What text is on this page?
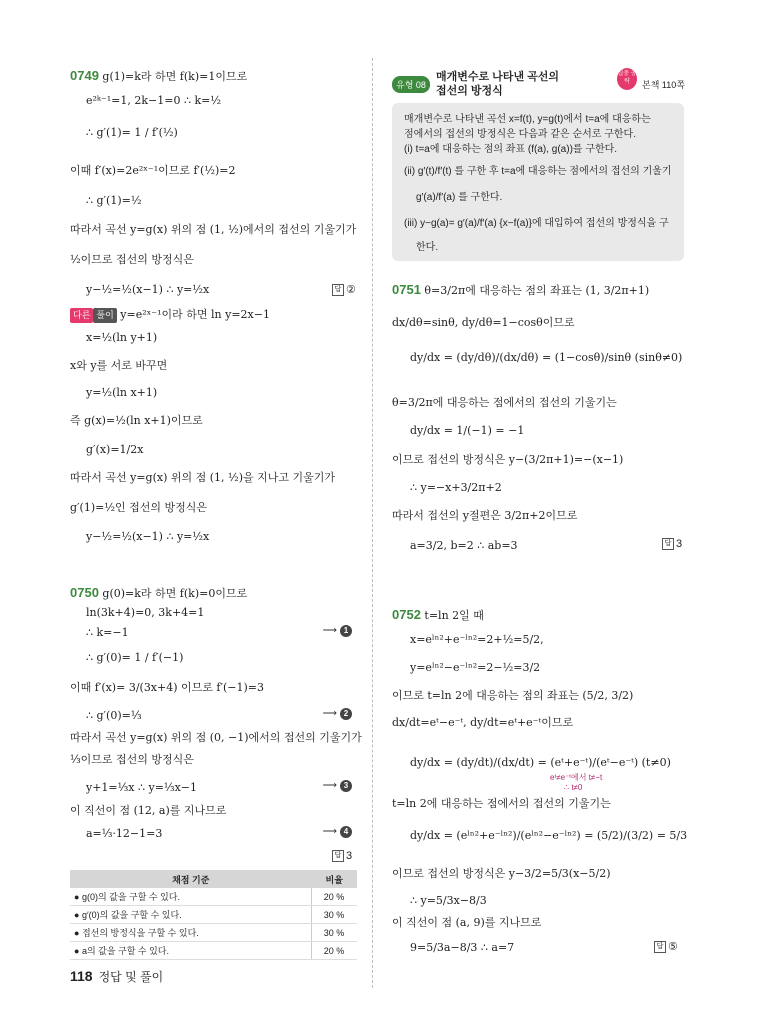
0749 g(1)=k라 하면 f(k)=1이므로
e²ᵏ⁻¹=1, 2k−1=0 ∴ k=½
∴ g′(1)= 1 / f′(½)
이때 f′(x)=2e²ˣ⁻¹이므로 f′(½)=2
∴ g′(1)=½
따라서 곡선 y=g(x) 위의 점 (1, ½)에서의 접선의 기울기가
½이므로 접선의 방정식은
y−½=½(x−1) ∴ y=½x	답 ②
다른 풀이 y=e²ˣ⁻¹이라 하면 ln y=2x−1
x=½(ln y+1)
x와 y를 서로 바꾸면
y=½(ln x+1)
즉 g(x)=½(ln x+1)이므로
g′(x)=1/2x
따라서 곡선 y=g(x) 위의 점 (1, ½)을 지나고 기울기가
g′(1)=½인 접선의 방정식은
y−½=½(x−1) ∴ y=½x
0750 g(0)=k라 하면 f(k)=0이므로
ln(3k+4)=0, 3k+4=1
∴ k=−1	⟶ 1
∴ g′(0)= 1 / f′(−1)
이때 f′(x)= 3/(3x+4) 이므로 f′(−1)=3
∴ g′(0)=⅓	⟶ 2
따라서 곡선 y=g(x) 위의 점 (0, −1)에서의 접선의 기울기가
⅓이므로 접선의 방정식은
y+1=⅓x ∴ y=⅓x−1	⟶ 3
이 직선이 점 (12, a)를 지나므로
a=⅓·12−1=3	⟶ 4
답 3
채점 기준	비율
● g(0)의 값을 구할 수 있다.	20 %
● g′(0)의 값을 구할 수 있다.	30 %
● 접선의 방정식을 구할 수 있다.	30 %
● a의 값을 구할 수 있다.	20 %
118 정답 및 풀이
유형 08
매개변수로 나타낸 곡선의
접선의 방정식
집중 공략	본책 110쪽
매개변수로 나타낸 곡선 x=f(t), y=g(t)에서 t=a에 대응하는
점에서의 접선의 방정식은 다음과 같은 순서로 구한다.
(i) t=a에 대응하는 점의 좌표 (f(a), g(a))를 구한다.
(ii) g′(t)/f′(t) 를 구한 후 t=a에 대응하는 점에서의 접선의 기울기
g′(a)/f′(a) 를 구한다.
(iii) y−g(a)= g′(a)/f′(a) {x−f(a)}에 대입하여 접선의 방정식을 구
한다.
0751 θ=3/2π에 대응하는 점의 좌표는 (1, 3/2π+1)
dx/dθ=sinθ, dy/dθ=1−cosθ이므로
dy/dx = (dy/dθ)/(dx/dθ) = (1−cosθ)/sinθ (sinθ≠0)
θ=3/2π에 대응하는 점에서의 접선의 기울기는
dy/dx = 1/(−1) = −1
이므로 접선의 방정식은 y−(3/2π+1)=−(x−1)
∴ y=−x+3/2π+2
따라서 접선의 y절편은 3/2π+2이므로
a=3/2, b=2 ∴ ab=3	답 3
0752 t=ln 2일 때
x=eˡⁿ²+e⁻ˡⁿ²=2+½=5/2,
y=eˡⁿ²−e⁻ˡⁿ²=2−½=3/2
이므로 t=ln 2에 대응하는 점의 좌표는 (5/2, 3/2)
dx/dt=eᵗ−e⁻ᵗ, dy/dt=eᵗ+e⁻ᵗ이므로
dy/dx = (dy/dt)/(dx/dt) = (eᵗ+e⁻ᵗ)/(eᵗ−e⁻ᵗ) (t≠0)
eᵗ≠e⁻ᵗ에서 t≠−t
∴ t≠0
t=ln 2에 대응하는 점에서의 접선의 기울기는
dy/dx = (eˡⁿ²+e⁻ˡⁿ²)/(eˡⁿ²−e⁻ˡⁿ²) = (5/2)/(3/2) = 5/3
이므로 접선의 방정식은 y−3/2=5/3(x−5/2)
∴ y=5/3x−8/3
이 직선이 점 (a, 9)를 지나므로
9=5/3a−8/3 ∴ a=7	답 ⑤
